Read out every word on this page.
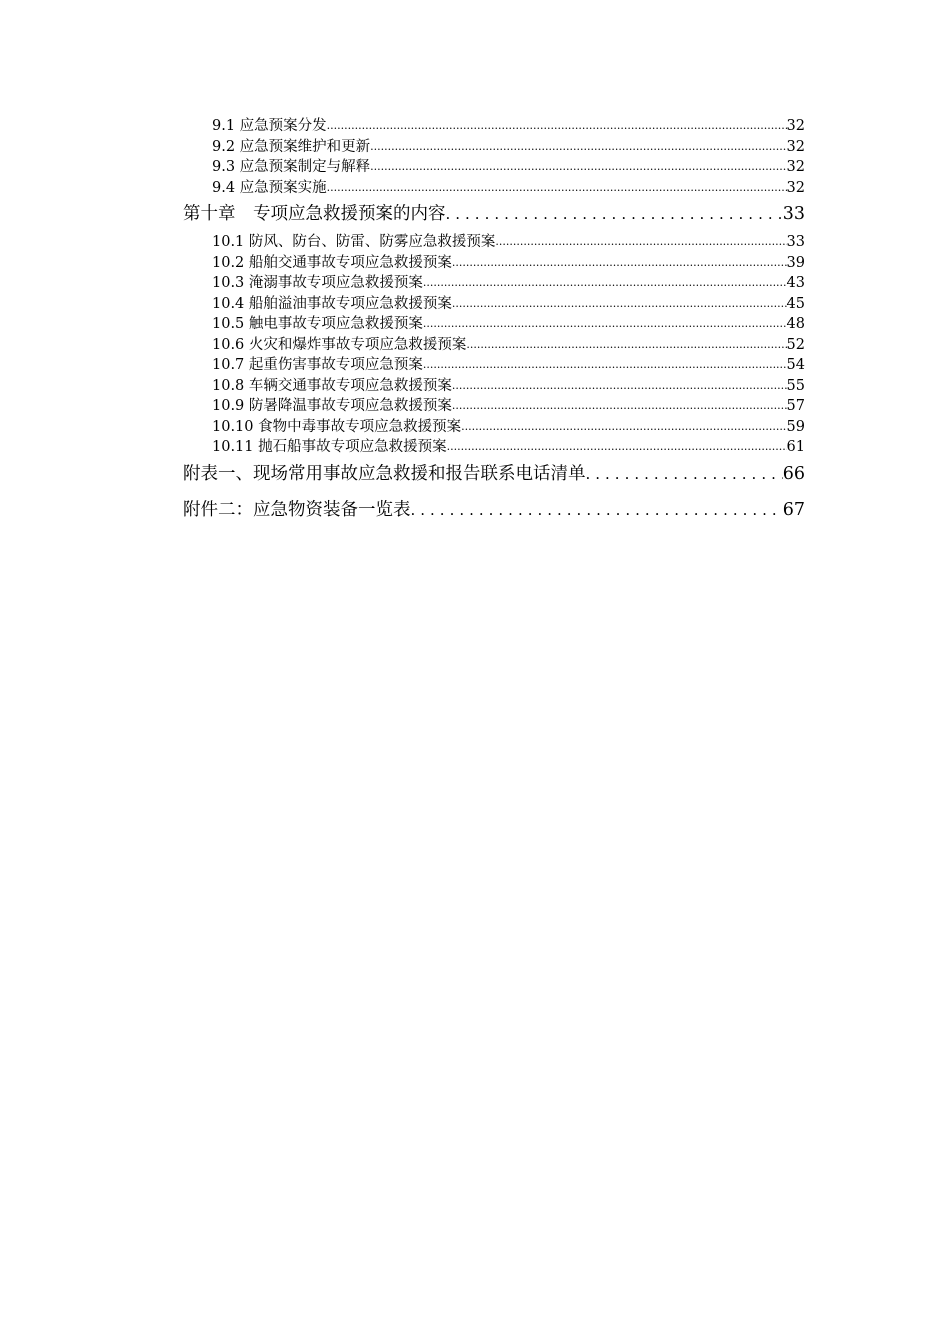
9.1 应急预案分发 .....	32
9.2 应急预案维护和更新 .....	32
9.3 应急预案制定与解释 .....	32
9.4 应急预案实施 .....	32
第十章　专项应急救援预案的内容 .....	33
10.1 防风、防台、防雷、防雾应急救援预案 .....	33
10.2 船舶交通事故专项应急救援预案 .....	39
10.3 淹溺事故专项应急救援预案 .....	43
10.4 船舶溢油事故专项应急救援预案 .....	45
10.5 触电事故专项应急救援预案 .....	48
10.6 火灾和爆炸事故专项应急救援预案 .....	52
10.7 起重伤害事故专项应急预案 .....	54
10.8 车辆交通事故专项应急救援预案 .....	55
10.9 防暑降温事故专项应急救援预案 .....	57
10.10 食物中毒事故专项应急救援预案 .....	59
10.11 抛石船事故专项应急救援预案 .....	61
附表一、现场常用事故应急救援和报告联系电话清单 .....	66
附件二：应急物资装备一览表 .....	67
